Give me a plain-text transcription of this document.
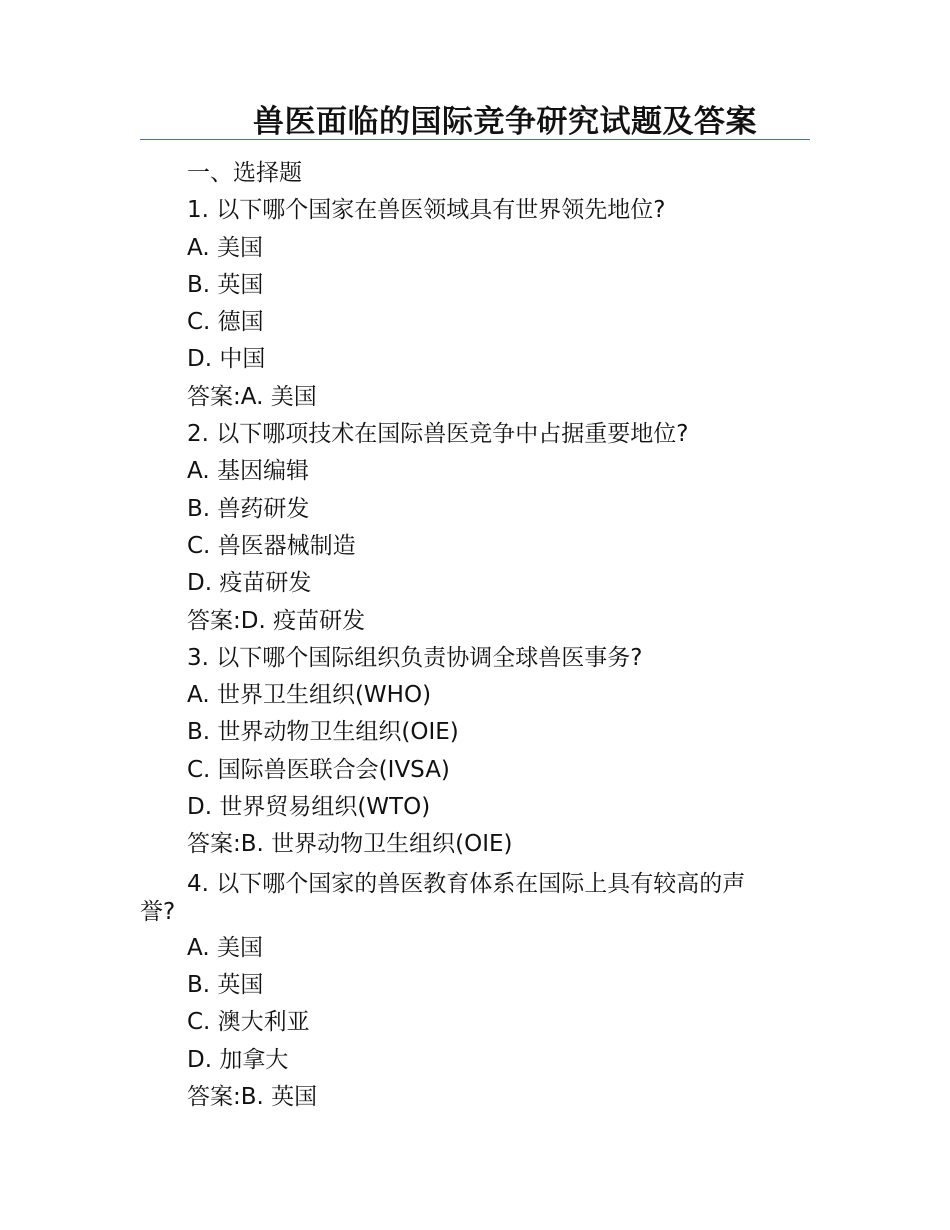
兽医面临的国际竞争研究试题及答案
一、选择题
1. 以下哪个国家在兽医领域具有世界领先地位?
A. 美国
B. 英国
C. 德国
D. 中国
答案:A. 美国
2. 以下哪项技术在国际兽医竞争中占据重要地位?
A. 基因编辑
B. 兽药研发
C. 兽医器械制造
D. 疫苗研发
答案:D. 疫苗研发
3. 以下哪个国际组织负责协调全球兽医事务?
A. 世界卫生组织(WHO)
B. 世界动物卫生组织(OIE)
C. 国际兽医联合会(IVSA)
D. 世界贸易组织(WTO)
答案:B. 世界动物卫生组织(OIE)
4. 以下哪个国家的兽医教育体系在国际上具有较高的声
誉?
A. 美国
B. 英国
C. 澳大利亚
D. 加拿大
答案:B. 英国
